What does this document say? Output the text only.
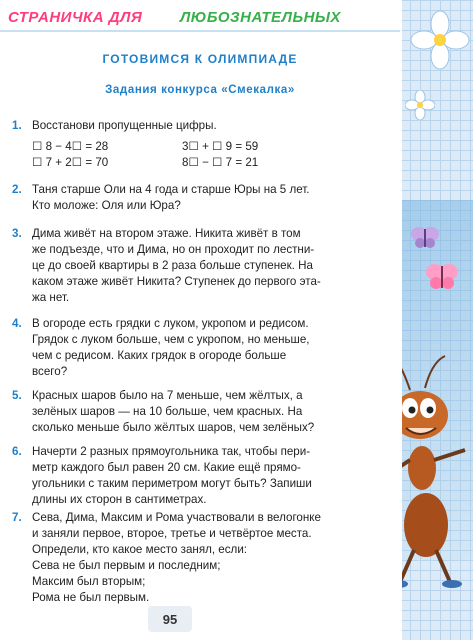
СТРАНИЧКА ДЛЯ	ЛЮБОЗНАТЕЛЬНЫХ
ГОТОВИМСЯ К ОЛИМПИАДЕ
Задания конкурса «Смекалка»
1. Восстанови пропущенные цифры.

☐ 8 − 4☐ = 28
☐ 7 + 2☐ = 70
3☐ + ☐ 9 = 59
8☐ − ☐ 7 = 21
2. Таня старше Оли на 4 года и старше Юры на 5 лет.

Кто моложе: Оля или Юра?

3. Дима живёт на втором этаже. Никита живёт в том

же подъезде, что и Дима, но он проходит по лестни-

це до своей квартиры в 2 раза больше ступенек. На

каком этаже живёт Никита? Ступенек до первого эта-

жа нет.

4. В огороде есть грядки с луком, укропом и редисом.

Грядок с луком больше, чем с укропом, но меньше,

чем с редисом. Каких грядок в огороде больше

всего?

5. Красных шаров было на 7 меньше, чем жёлтых, а

зелёных шаров — на 10 больше, чем красных. На

сколько меньше было жёлтых шаров, чем зелёных?

6. Начерти 2 разных прямоугольника так, чтобы пери-

метр каждого был равен 20 см. Какие ещё прямо-

угольники с таким периметром могут быть? Запиши

длины их сторон в сантиметрах.

7. Сева, Дима, Максим и Рома участвовали в велогонке

и заняли первое, второе, третье и четвёртое места.

Определи, кто какое место занял, если:

Сева не был первым и последним;

Максим был вторым;

Рома не был первым.

95
